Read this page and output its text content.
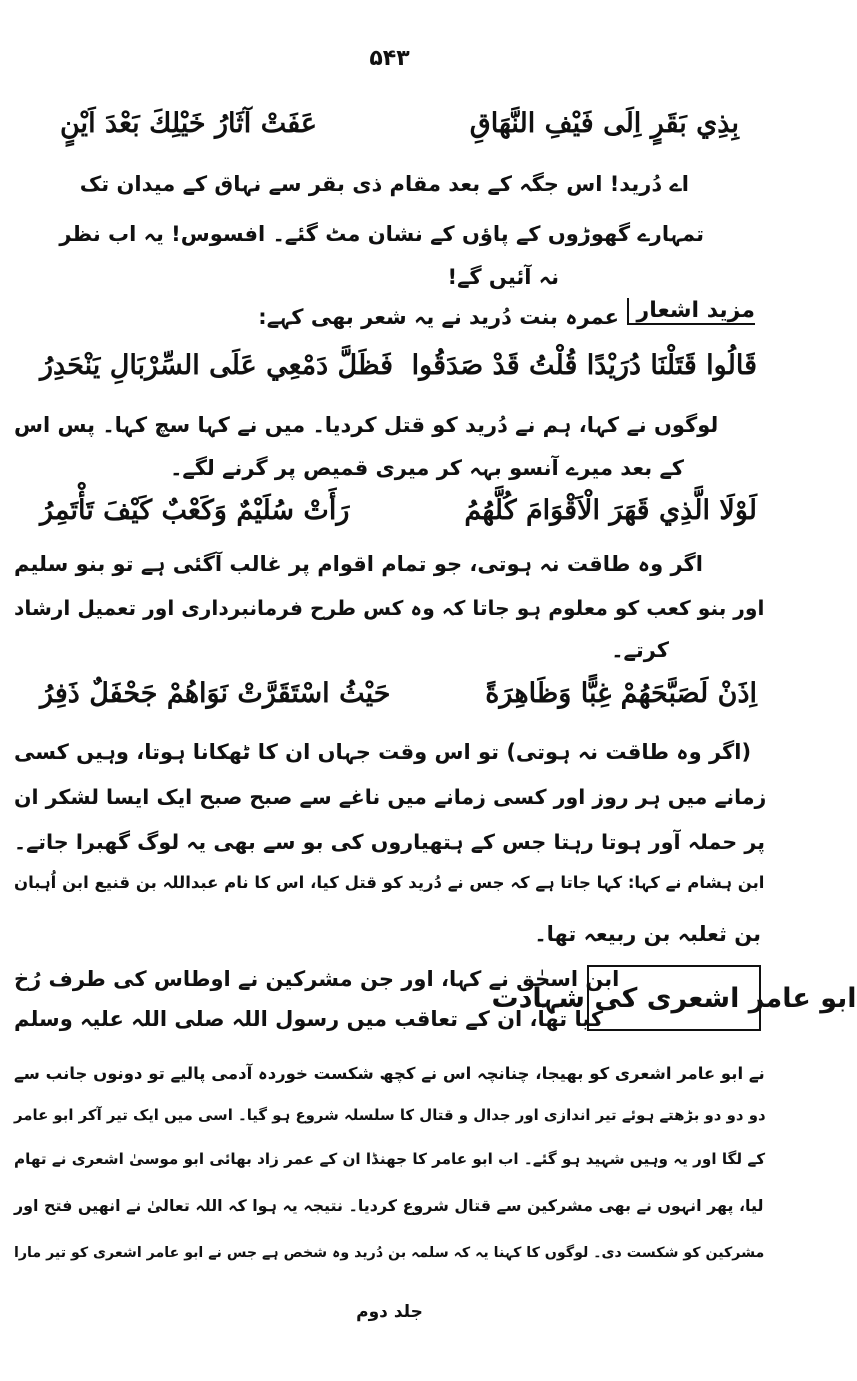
۵۴۳
بِذِي بَقَرٍ اِلَى فَيْفِ النَّهَاقِ
عَفَتْ آثَارُ خَيْلِكَ بَعْدَ اَيْنٍ
اے دُرید! اس جگہ کے بعد مقام ذی بقر سے نہاق کے میدان تک
تمہارے گھوڑوں کے پاؤں کے نشان مٹ گئے۔ افسوس! یہ اب نظر
نہ آئیں گے!
مزید اشعار
عمرہ بنت دُرید نے یہ شعر بھی کہے:
قَالُوا قَتَلْنَا دُرَيْدًا قُلْتُ قَدْ صَدَقُوا
فَظَلَّ دَمْعِي عَلَى السِّرْبَالِ يَنْحَدِرُ
لوگوں نے کہا، ہم نے دُرید کو قتل کردیا۔ میں نے کہا سچ کہا۔ پس اس
کے بعد میرے آنسو بہہ کر میری قمیص پر گرنے لگے۔
لَوْلَا الَّذِي قَهَرَ الْاَقْوَامَ كُلَّهُمُ
رَأَتْ سُلَيْمٌ وَكَعْبٌ كَيْفَ تَأْتَمِرُ
اگر وہ طاقت نہ ہوتی، جو تمام اقوام پر غالب آگئی ہے تو بنو سلیم
اور بنو کعب کو معلوم ہو جاتا کہ وہ کس طرح فرمانبرداری اور تعمیل ارشاد
کرتے۔
اِذَنْ لَصَبَّحَهُمْ غِبًّا وَظَاهِرَةً
حَيْثُ اسْتَقَرَّتْ نَوَاهُمْ جَحْفَلٌ ذَفِرُ
(اگر وہ طاقت نہ ہوتی) تو اس وقت جہاں ان کا ٹھکانا ہوتا، وہیں کسی
زمانے میں ہر روز اور کسی زمانے میں ناغے سے صبح صبح ایک ایسا لشکر ان
پر حملہ آور ہوتا رہتا جس کے ہتھیاروں کی بو سے بھی یہ لوگ گھبرا جاتے۔
ابن ہشام نے کہا: کہا جاتا ہے کہ جس نے دُرید کو قتل کیا، اس کا نام عبداللہ بن قنیع ابن اُہبان
بن ثعلبہ بن ربیعہ تھا۔
ابو عامر اشعری کی شہادت
ابن اسحٰق نے کہا، اور جن مشرکین نے اوطاس کی طرف رُخ
کیا تھا، ان کے تعاقب میں رسول اللہ صلی اللہ علیہ وسلم
نے ابو عامر اشعری کو بھیجا، چنانچہ اس نے کچھ شکست خوردہ آدمی پالیے تو دونوں جانب سے
دو دو دو بڑھتے ہوئے تیر اندازی اور جدال و قتال کا سلسلہ شروع ہو گیا۔ اسی میں ایک تیر آکر ابو عامر
کے لگا اور یہ وہیں شہید ہو گئے۔ اب ابو عامر کا جھنڈا ان کے عمر زاد بھائی ابو موسیٰ اشعری نے تھام
لیا، پھر انہوں نے بھی مشرکین سے قتال شروع کردیا۔ نتیجہ یہ ہوا کہ اللہ تعالیٰ نے انھیں فتح اور
مشرکین کو شکست دی۔ لوگوں کا کہنا یہ کہ سلمہ بن دُرید وہ شخص ہے جس نے ابو عامر اشعری کو تیر مارا
جلد دوم
